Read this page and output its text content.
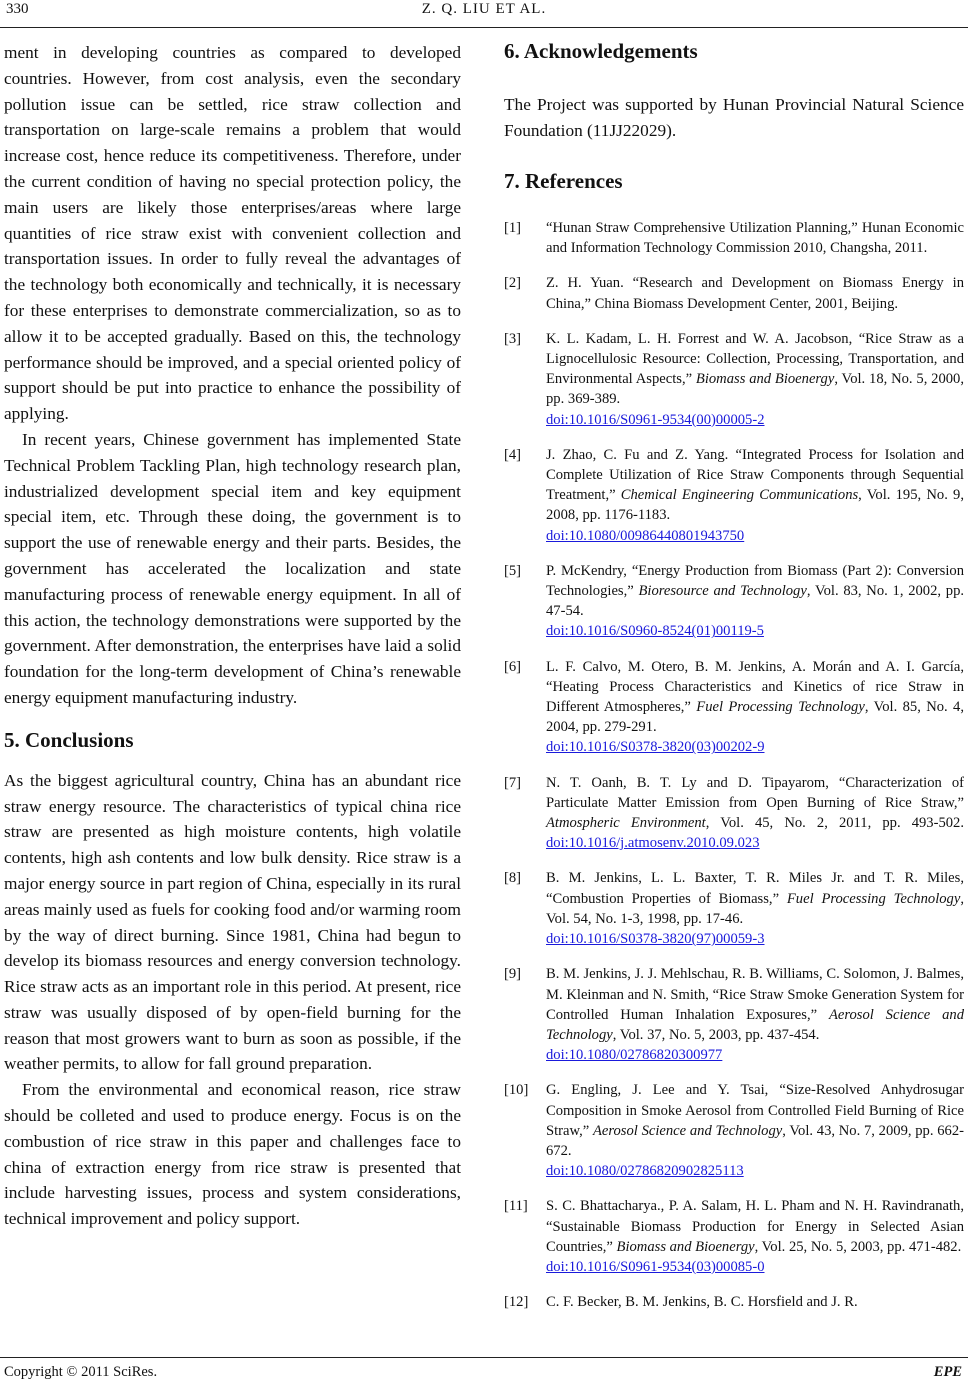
330	Z. Q. LIU ET AL.

ment in developing countries as compared to developed countries. However, from cost analysis, even the secondary pollution issue can be settled, rice straw collection and transportation on large-scale remains a problem that would increase cost, hence reduce its competitiveness. Therefore, under the current condition of having no special protection policy, the main users are likely those enterprises/areas where large quantities of rice straw exist with convenient collection and transportation issues. In order to fully reveal the advantages of the technology both economically and technically, it is necessary for these enterprises to demonstrate commercialization, so as to allow it to be accepted gradually. Based on this, the technology performance should be improved, and a special oriented policy of support should be put into practice to enhance the possibility of applying.

In recent years, Chinese government has implemented State Technical Problem Tackling Plan, high technology research plan, industrialized development special item and key equipment special item, etc. Through these doing, the government is to support the use of renewable energy and their parts. Besides, the government has accelerated the localization and state manufacturing process of renewable energy equipment. In all of this action, the technology demonstrations were supported by the government. After demonstration, the enterprises have laid a solid foundation for the long-term development of China’s renewable energy equipment manufacturing industry.

5. Conclusions

As the biggest agricultural country, China has an abundant rice straw energy resource. The characteristics of typical china rice straw are presented as high moisture contents, high volatile contents, high ash contents and low bulk density. Rice straw is a major energy source in part region of China, especially in its rural areas mainly used as fuels for cooking food and/or warming room by the way of direct burning. Since 1981, China had begun to develop its biomass resources and energy conversion technology. Rice straw acts as an important role in this period. At present, rice straw was usually disposed of by open-field burning for the reason that most growers want to burn as soon as possible, if the weather permits, to allow for fall ground preparation.

From the environmental and economical reason, rice straw should be colleted and used to produce energy. Focus is on the combustion of rice straw in this paper and challenges face to china of extraction energy from rice straw is presented that include harvesting issues, process and system considerations, technical improvement and policy support.

6. Acknowledgements

The Project was supported by Hunan Provincial Natural Science Foundation (11JJ22029).

7. References
[1]	“Hunan Straw Comprehensive Utilization Planning,” Hunan Economic and Information Technology Commission 2010, Changsha, 2011.
[2]	Z. H. Yuan. “Research and Development on Biomass Energy in China,” China Biomass Development Center, 2001, Beijing.
[3]	K. L. Kadam, L. H. Forrest and W. A. Jacobson, “Rice Straw as a Lignocellulosic Resource: Collection, Processing, Transportation, and Environmental Aspects,” Biomass and Bioenergy, Vol. 18, No. 5, 2000, pp. 369-389.
doi:10.1016/S0961-9534(00)00005-2
[4]	J. Zhao, C. Fu and Z. Yang. “Integrated Process for Isolation and Complete Utilization of Rice Straw Components through Sequential Treatment,” Chemical Engineering Communications, Vol. 195, No. 9, 2008, pp. 1176-1183.
doi:10.1080/00986440801943750
[5]	P. McKendry, “Energy Production from Biomass (Part 2): Conversion Technologies,” Bioresource and Technology, Vol. 83, No. 1, 2002, pp. 47-54.
doi:10.1016/S0960-8524(01)00119-5
[6]	L. F. Calvo, M. Otero, B. M. Jenkins, A. Morán and A. I. García, “Heating Process Characteristics and Kinetics of rice Straw in Different Atmospheres,” Fuel Processing Technology, Vol. 85, No. 4, 2004, pp. 279-291.
doi:10.1016/S0378-3820(03)00202-9
[7]	N. T. Oanh, B. T. Ly and D. Tipayarom, “Characterization of Particulate Matter Emission from Open Burning of Rice Straw,” Atmospheric Environment, Vol. 45, No. 2, 2011, pp. 493-502. doi:10.1016/j.atmosenv.2010.09.023
[8]	B. M. Jenkins, L. L. Baxter, T. R. Miles Jr. and T. R. Miles, “Combustion Properties of Biomass,” Fuel Processing Technology, Vol. 54, No. 1-3, 1998, pp. 17-46.
doi:10.1016/S0378-3820(97)00059-3
[9]	B. M. Jenkins, J. J. Mehlschau, R. B. Williams, C. Solomon, J. Balmes, M. Kleinman and N. Smith, “Rice Straw Smoke Generation System for Controlled Human Inhalation Exposures,” Aerosol Science and Technology, Vol. 37, No. 5, 2003, pp. 437-454.
doi:10.1080/02786820300977
[10]	G. Engling, J. Lee and Y. Tsai, “Size-Resolved Anhydrosugar Composition in Smoke Aerosol from Controlled Field Burning of Rice Straw,” Aerosol Science and Technology, Vol. 43, No. 7, 2009, pp. 662-672.
doi:10.1080/02786820902825113
[11]	S. C. Bhattacharya., P. A. Salam, H. L. Pham and N. H. Ravindranath, “Sustainable Biomass Production for Energy in Selected Asian Countries,” Biomass and Bioenergy, Vol. 25, No. 5, 2003, pp. 471-482.
doi:10.1016/S0961-9534(03)00085-0
[12]	C. F. Becker, B. M. Jenkins, B. C. Horsfield and J. R.
Copyright © 2011 SciRes.	EPE
